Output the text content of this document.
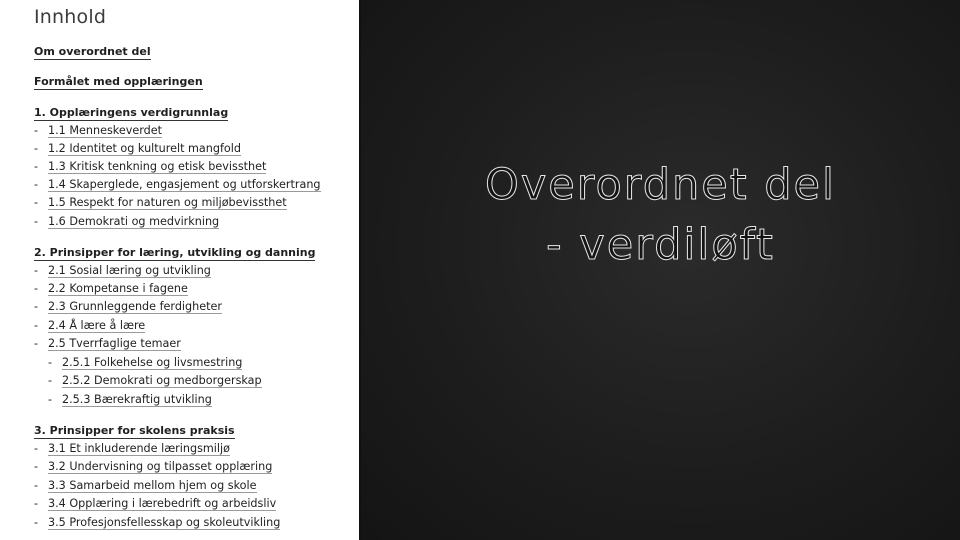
Innhold
Om overordnet del
Formålet med opplæringen
1. Opplæringens verdigrunnlag
- 1.1 Menneskeverdet
- 1.2 Identitet og kulturelt mangfold
- 1.3 Kritisk tenkning og etisk bevissthet
- 1.4 Skaperglede, engasjement og utforskertrang
- 1.5 Respekt for naturen og miljøbevissthet
- 1.6 Demokrati og medvirkning
2. Prinsipper for læring, utvikling og danning
- 2.1 Sosial læring og utvikling
- 2.2 Kompetanse i fagene
- 2.3 Grunnleggende ferdigheter
- 2.4 Å lære å lære
- 2.5 Tverrfaglige temaer
- 2.5.1 Folkehelse og livsmestring
- 2.5.2 Demokrati og medborgerskap
- 2.5.3 Bærekraftig utvikling
3. Prinsipper for skolens praksis
- 3.1 Et inkluderende læringsmiljø
- 3.2 Undervisning og tilpasset opplæring
- 3.3 Samarbeid mellom hjem og skole
- 3.4 Opplæring i lærebedrift og arbeidsliv
- 3.5 Profesjonsfellesskap og skoleutvikling
Overordnet del
- verdiløft
